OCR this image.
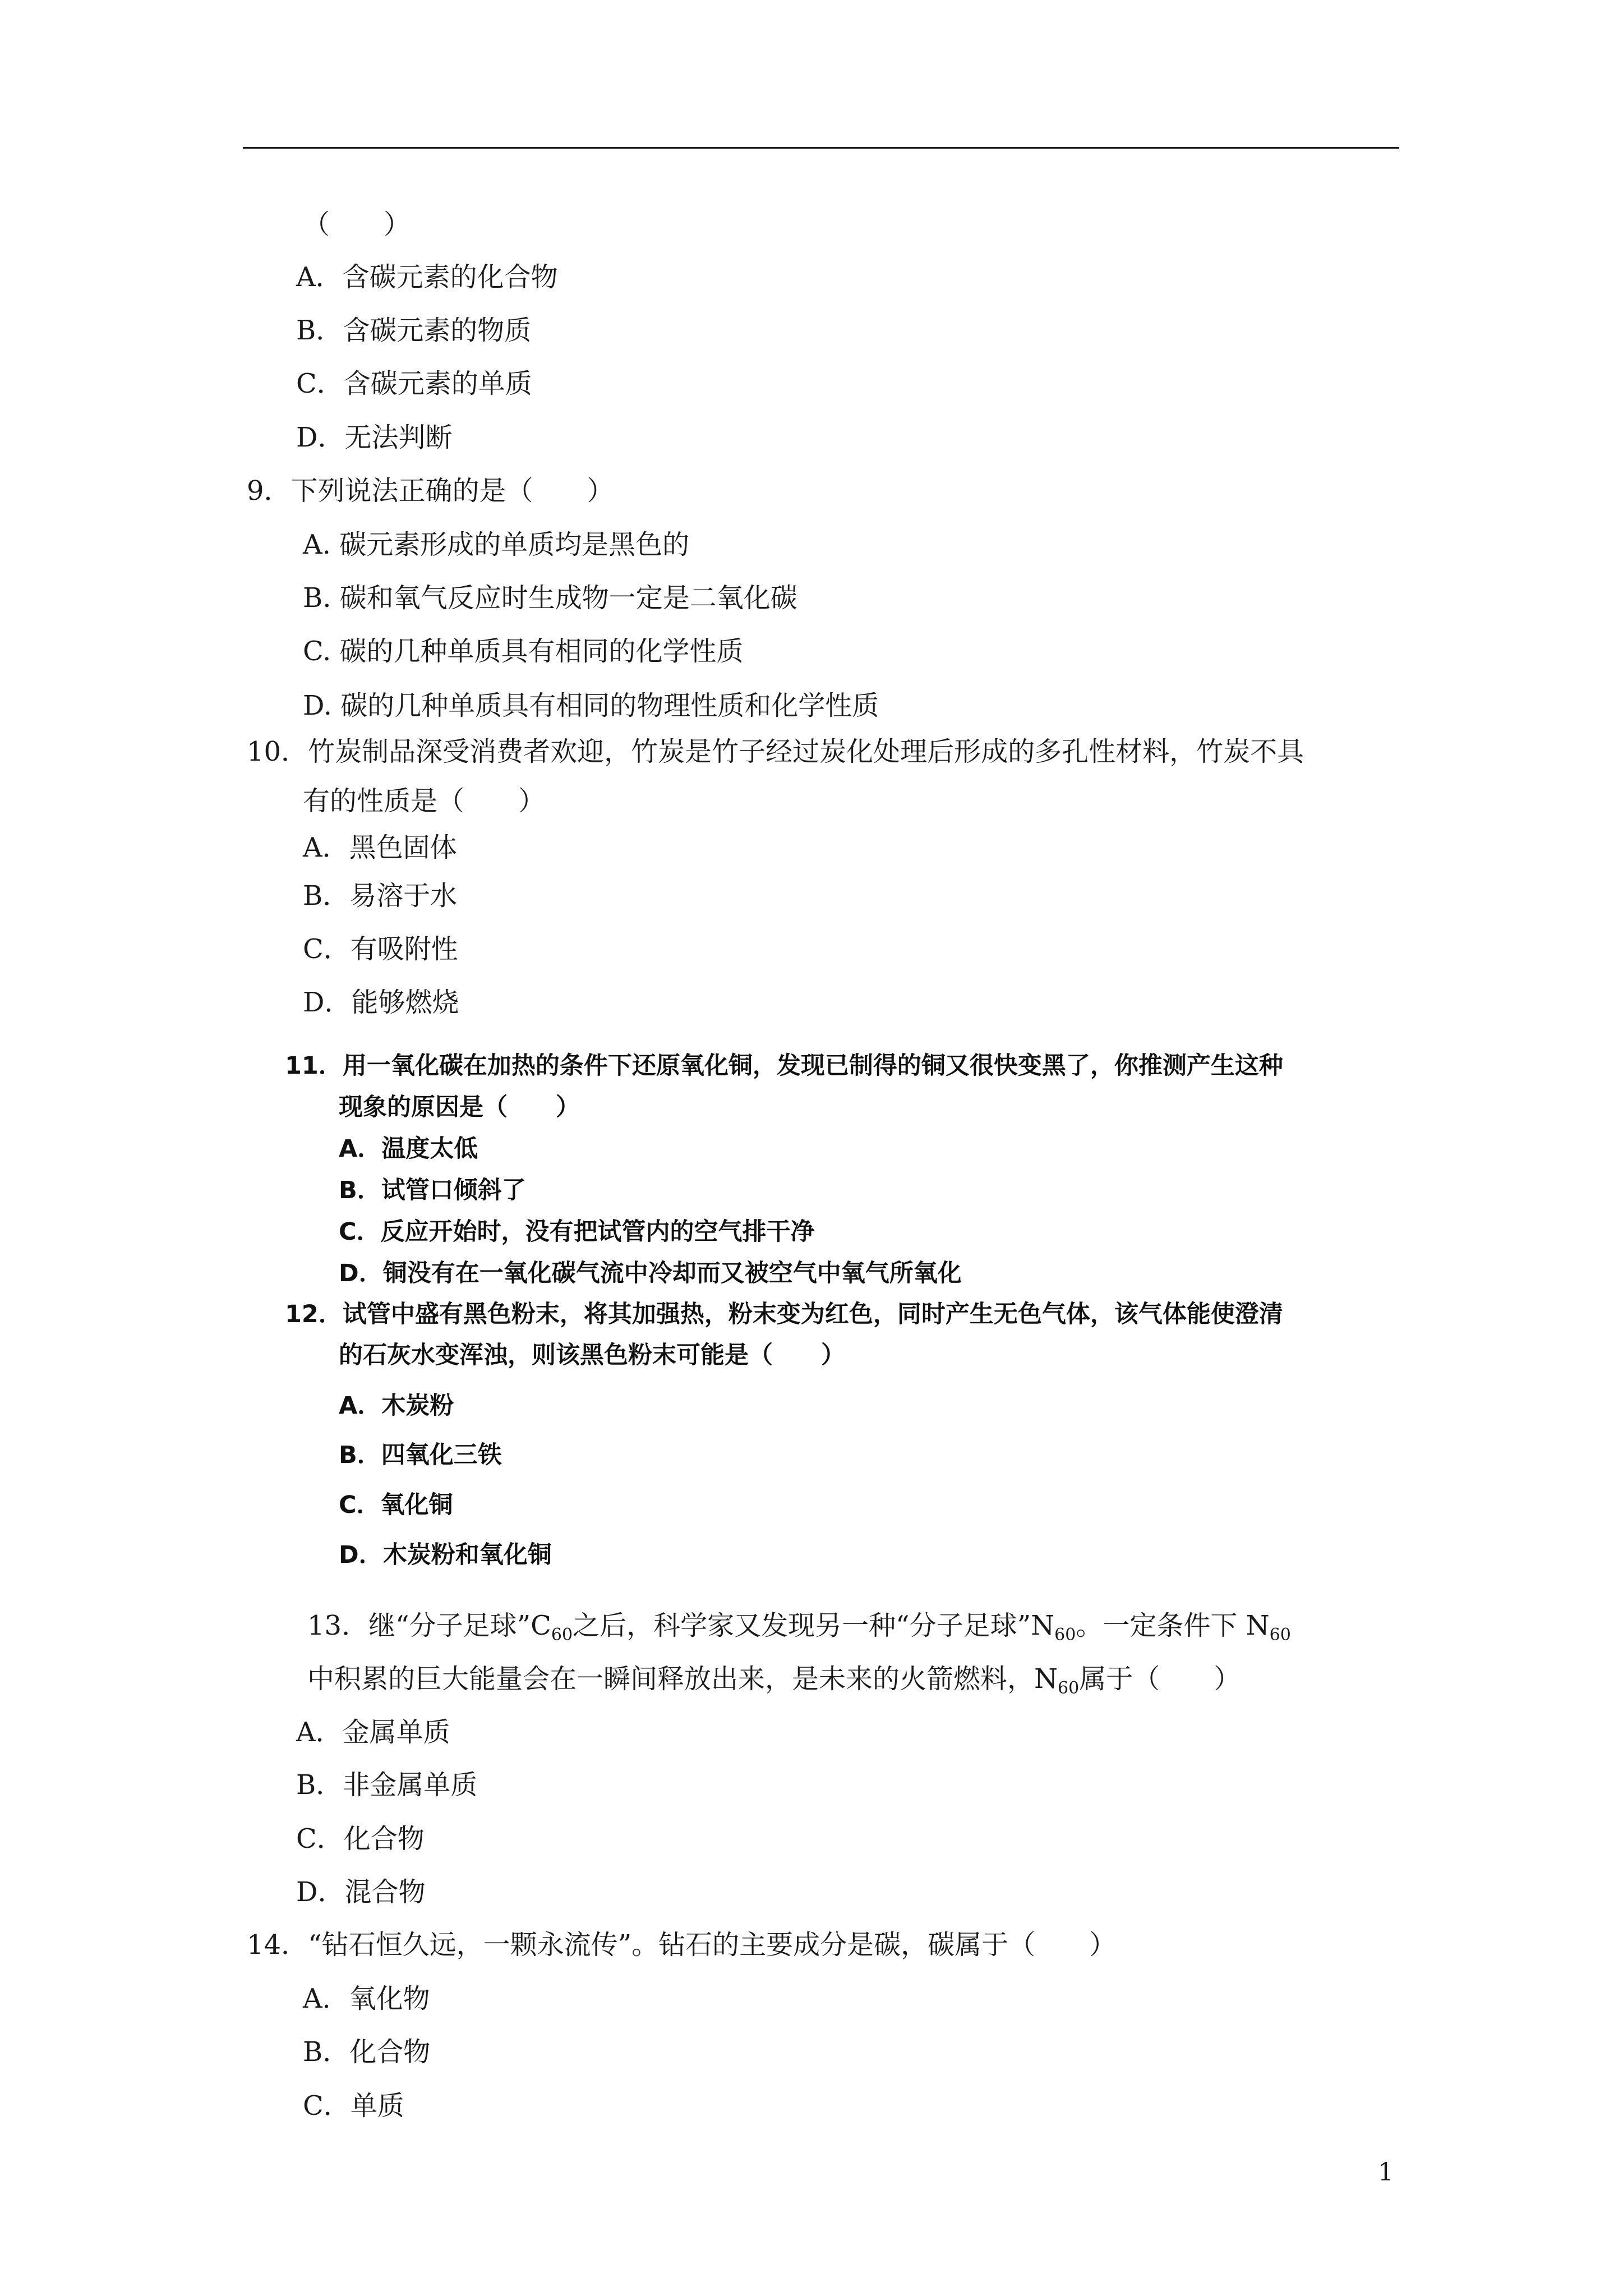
（　　）
A．含碳元素的化合物
B．含碳元素的物质
C．含碳元素的单质
D．无法判断
9．下列说法正确的是（　　）
A. 碳元素形成的单质均是黑色的
B. 碳和氧气反应时生成物一定是二氧化碳
C. 碳的几种单质具有相同的化学性质
D. 碳的几种单质具有相同的物理性质和化学性质
10．竹炭制品深受消费者欢迎，竹炭是竹子经过炭化处理后形成的多孔性材料，竹炭不具
有的性质是（　　）
A．黑色固体
B．易溶于水
C．有吸附性
D．能够燃烧
11．用一氧化碳在加热的条件下还原氧化铜，发现已制得的铜又很快变黑了，你推测产生这种
现象的原因是（　　）
A．温度太低
B．试管口倾斜了
C．反应开始时，没有把试管内的空气排干净
D．铜没有在一氧化碳气流中冷却而又被空气中氧气所氧化
12．试管中盛有黑色粉末，将其加强热，粉末变为红色，同时产生无色气体，该气体能使澄清
的石灰水变浑浊，则该黑色粉末可能是（　　）
A．木炭粉
B．四氧化三铁
C．氧化铜
D．木炭粉和氧化铜
13．继“分子足球$”C_{60}$之后，科学家又发现另一种“分子足球$”N_{60}$。一定条件下 $N_{60}$
中积累的巨大能量会在一瞬间释放出来，是未来的火箭燃料，$N_{60}$属于（　　）
A．金属单质
B．非金属单质
C．化合物
D．混合物
14．“钻石恒久远，一颗永流传”。钻石的主要成分是碳，碳属于（　　）
A．氧化物
B．化合物
C．单质
1
